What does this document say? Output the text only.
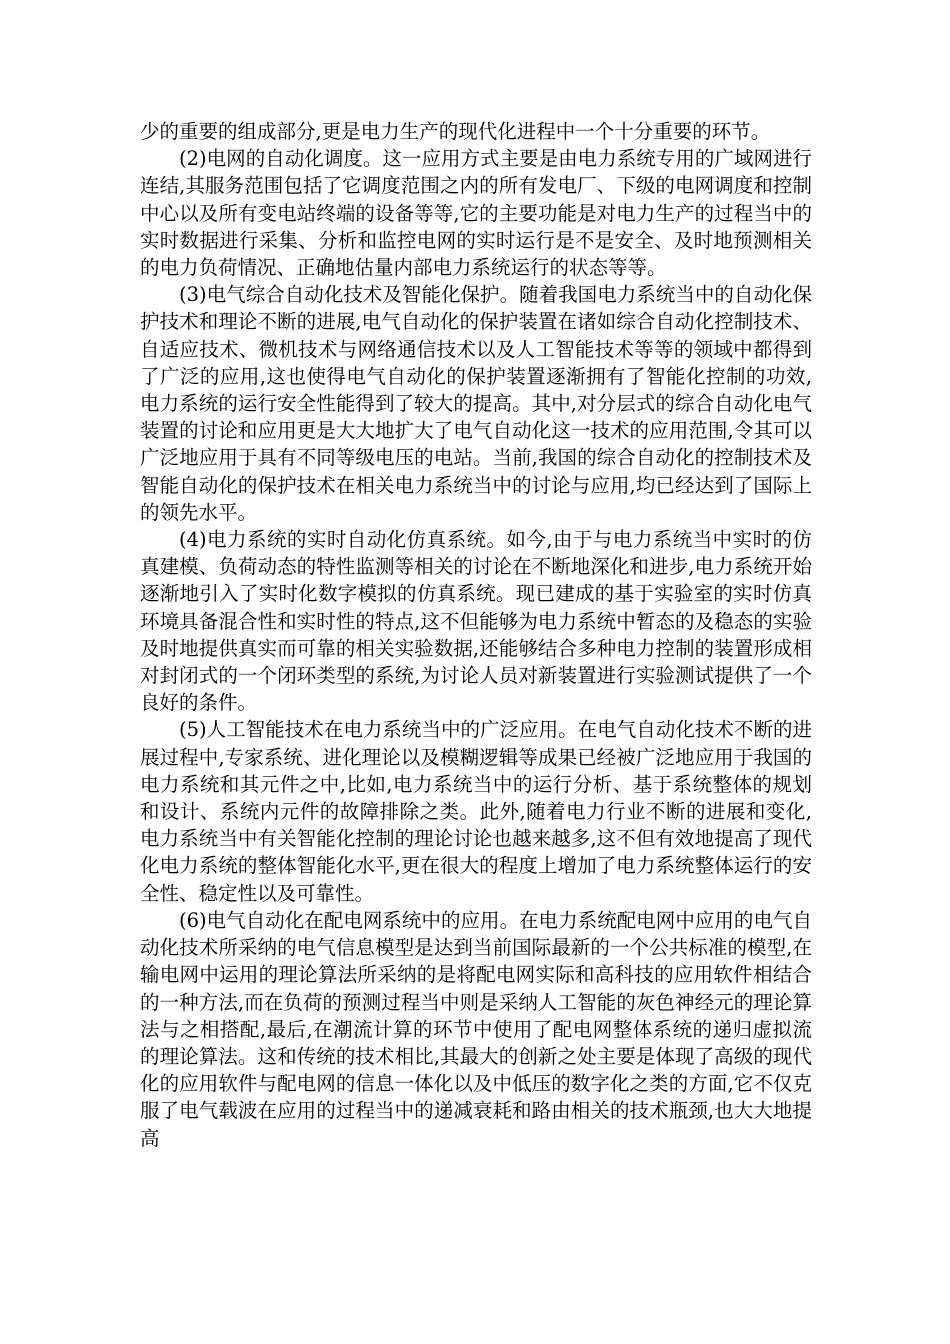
少的重要的组成部分,更是电力生产的现代化进程中一个十分重要的环节。

(2)电网的自动化调度。这一应用方式主要是由电力系统专用的广域网进行连结,其服务范围包括了它调度范围之内的所有发电厂、下级的电网调度和控制中心以及所有变电站终端的设备等等,它的主要功能是对电力生产的过程当中的实时数据进行采集、分析和监控电网的实时运行是不是安全、及时地预测相关的电力负荷情况、正确地估量内部电力系统运行的状态等等。

(3)电气综合自动化技术及智能化保护。随着我国电力系统当中的自动化保护技术和理论不断的进展,电气自动化的保护装置在诸如综合自动化控制技术、自适应技术、微机技术与网络通信技术以及人工智能技术等等的领域中都得到了广泛的应用,这也使得电气自动化的保护装置逐渐拥有了智能化控制的功效,电力系统的运行安全性能得到了较大的提高。其中,对分层式的综合自动化电气装置的讨论和应用更是大大地扩大了电气自动化这一技术的应用范围,令其可以广泛地应用于具有不同等级电压的电站。当前,我国的综合自动化的控制技术及智能自动化的保护技术在相关电力系统当中的讨论与应用,均已经达到了国际上的领先水平。

(4)电力系统的实时自动化仿真系统。如今,由于与电力系统当中实时的仿真建模、负荷动态的特性监测等相关的讨论在不断地深化和进步,电力系统开始逐渐地引入了实时化数字模拟的仿真系统。现已建成的基于实验室的实时仿真环境具备混合性和实时性的特点,这不但能够为电力系统中暂态的及稳态的实验及时地提供真实而可靠的相关实验数据,还能够结合多种电力控制的装置形成相对封闭式的一个闭环类型的系统,为讨论人员对新装置进行实验测试提供了一个良好的条件。

(5)人工智能技术在电力系统当中的广泛应用。在电气自动化技术不断的进展过程中,专家系统、进化理论以及模糊逻辑等成果已经被广泛地应用于我国的电力系统和其元件之中,比如,电力系统当中的运行分析、基于系统整体的规划和设计、系统内元件的故障排除之类。此外,随着电力行业不断的进展和变化,电力系统当中有关智能化控制的理论讨论也越来越多,这不但有效地提高了现代化电力系统的整体智能化水平,更在很大的程度上增加了电力系统整体运行的安全性、稳定性以及可靠性。

(6)电气自动化在配电网系统中的应用。在电力系统配电网中应用的电气自动化技术所采纳的电气信息模型是达到当前国际最新的一个公共标准的模型,在输电网中运用的理论算法所采纳的是将配电网实际和高科技的应用软件相结合的一种方法,而在负荷的预测过程当中则是采纳人工智能的灰色神经元的理论算法与之相搭配,最后,在潮流计算的环节中使用了配电网整体系统的递归虚拟流的理论算法。这和传统的技术相比,其最大的创新之处主要是体现了高级的现代化的应用软件与配电网的信息一体化以及中低压的数字化之类的方面,它不仅克服了电气载波在应用的过程当中的递减衰耗和路由相关的技术瓶颈,也大大地提高
